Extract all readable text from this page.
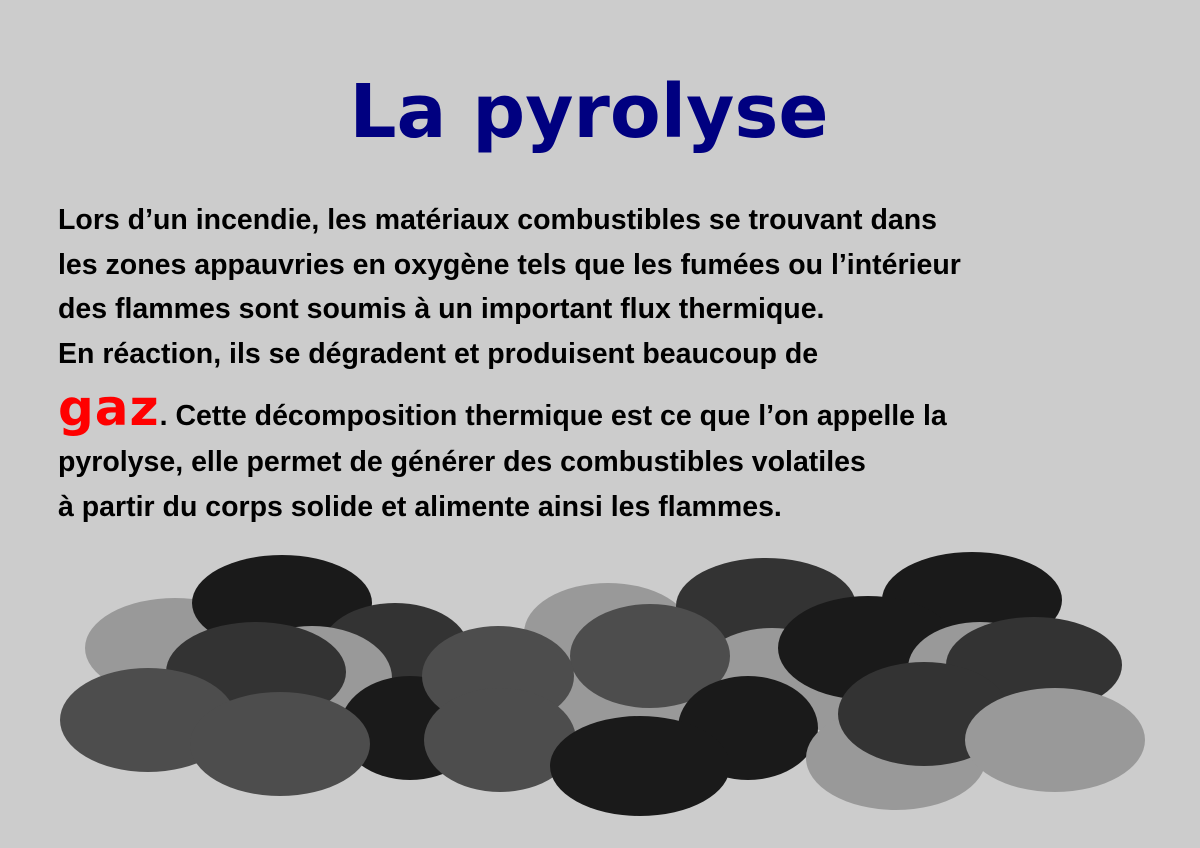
La pyrolyse
Lors d’un incendie, les matériaux combustibles se trouvant dans
les zones appauvries en oxygène tels que les fumées ou l’intérieur
des flammes sont soumis à un important flux thermique.
En réaction, ils se dégradent et produisent beaucoup de
gaz. Cette décomposition thermique est ce que l’on appelle la
pyrolyse, elle permet de générer des combustibles volatiles
à partir du corps solide et alimente ainsi les flammes.
